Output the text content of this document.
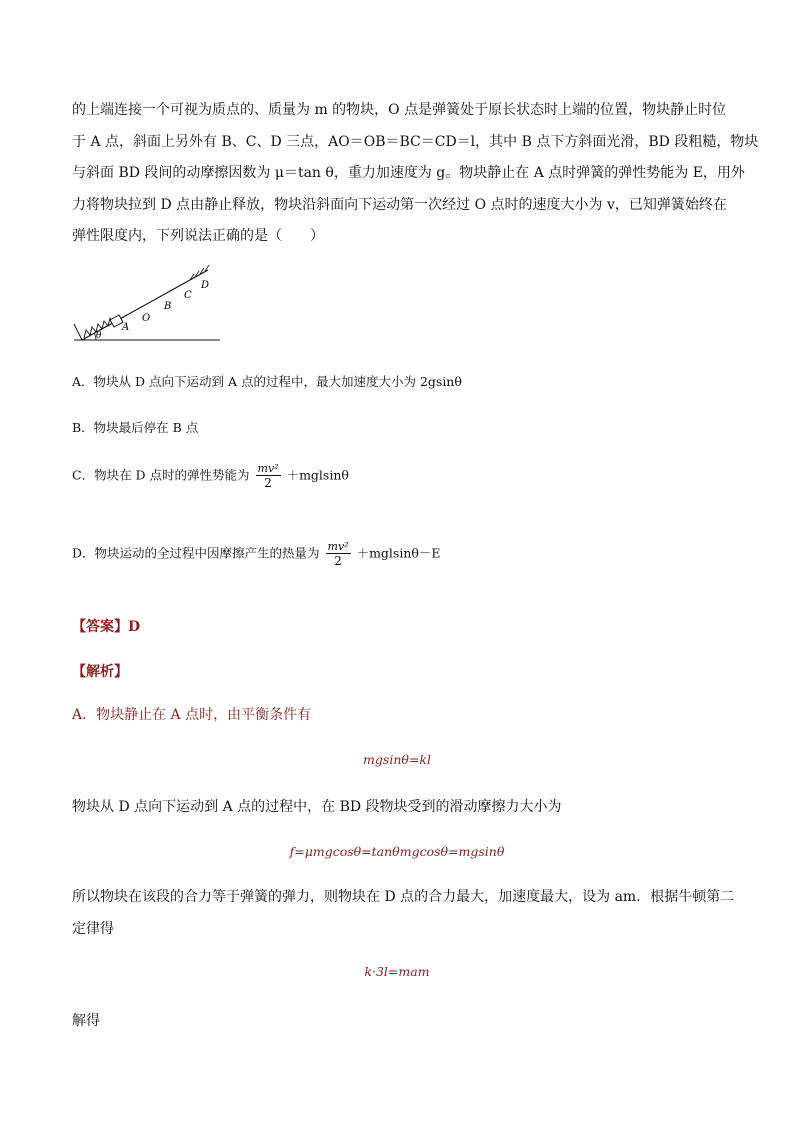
的上端连接一个可视为质点的、质量为 m 的物块，O 点是弹簧处于原长状态时上端的位置，物块静止时位
于 A 点，斜面上另外有 B、C、D 三点，AO＝OB＝BC＝CD＝l，其中 B 点下方斜面光滑，BD 段粗糙，物块
与斜面 BD 段间的动摩擦因数为 μ＝tan θ，重力加速度为 g。物块静止在 A 点时弹簧的弹性势能为 E，用外
力将物块拉到 D 点由静止释放，物块沿斜面向下运动第一次经过 O 点时的速度大小为 v，已知弹簧始终在
弹性限度内，下列说法正确的是（　　）
θ
A
O
B
C
D
A．物块从 D 点向下运动到 A 点的过程中，最大加速度大小为 2gsinθ
B．物块最后停在 B 点
C．物块在 D 点时的弹性势能为 $\frac{\text{mv²}}{2} +mglsin\theta$
D．物块运动的全过程中因摩擦产生的热量为 $\frac{\text{mv²}}{2} +mglsin\theta-E$
【答案】D
【解析】
A．物块静止在 A 点时，由平衡条件有
mgsinθ=kl
物块从 D 点向下运动到 A 点的过程中，在 BD 段物块受到的滑动摩擦力大小为
f=μmgcosθ=tanθmgcosθ=mgsinθ
所以物块在该段的合力等于弹簧的弹力，则物块在 D 点的合力最大，加速度最大，设为 am．根据牛顿第二
定律得
k·3l=mam
解得
